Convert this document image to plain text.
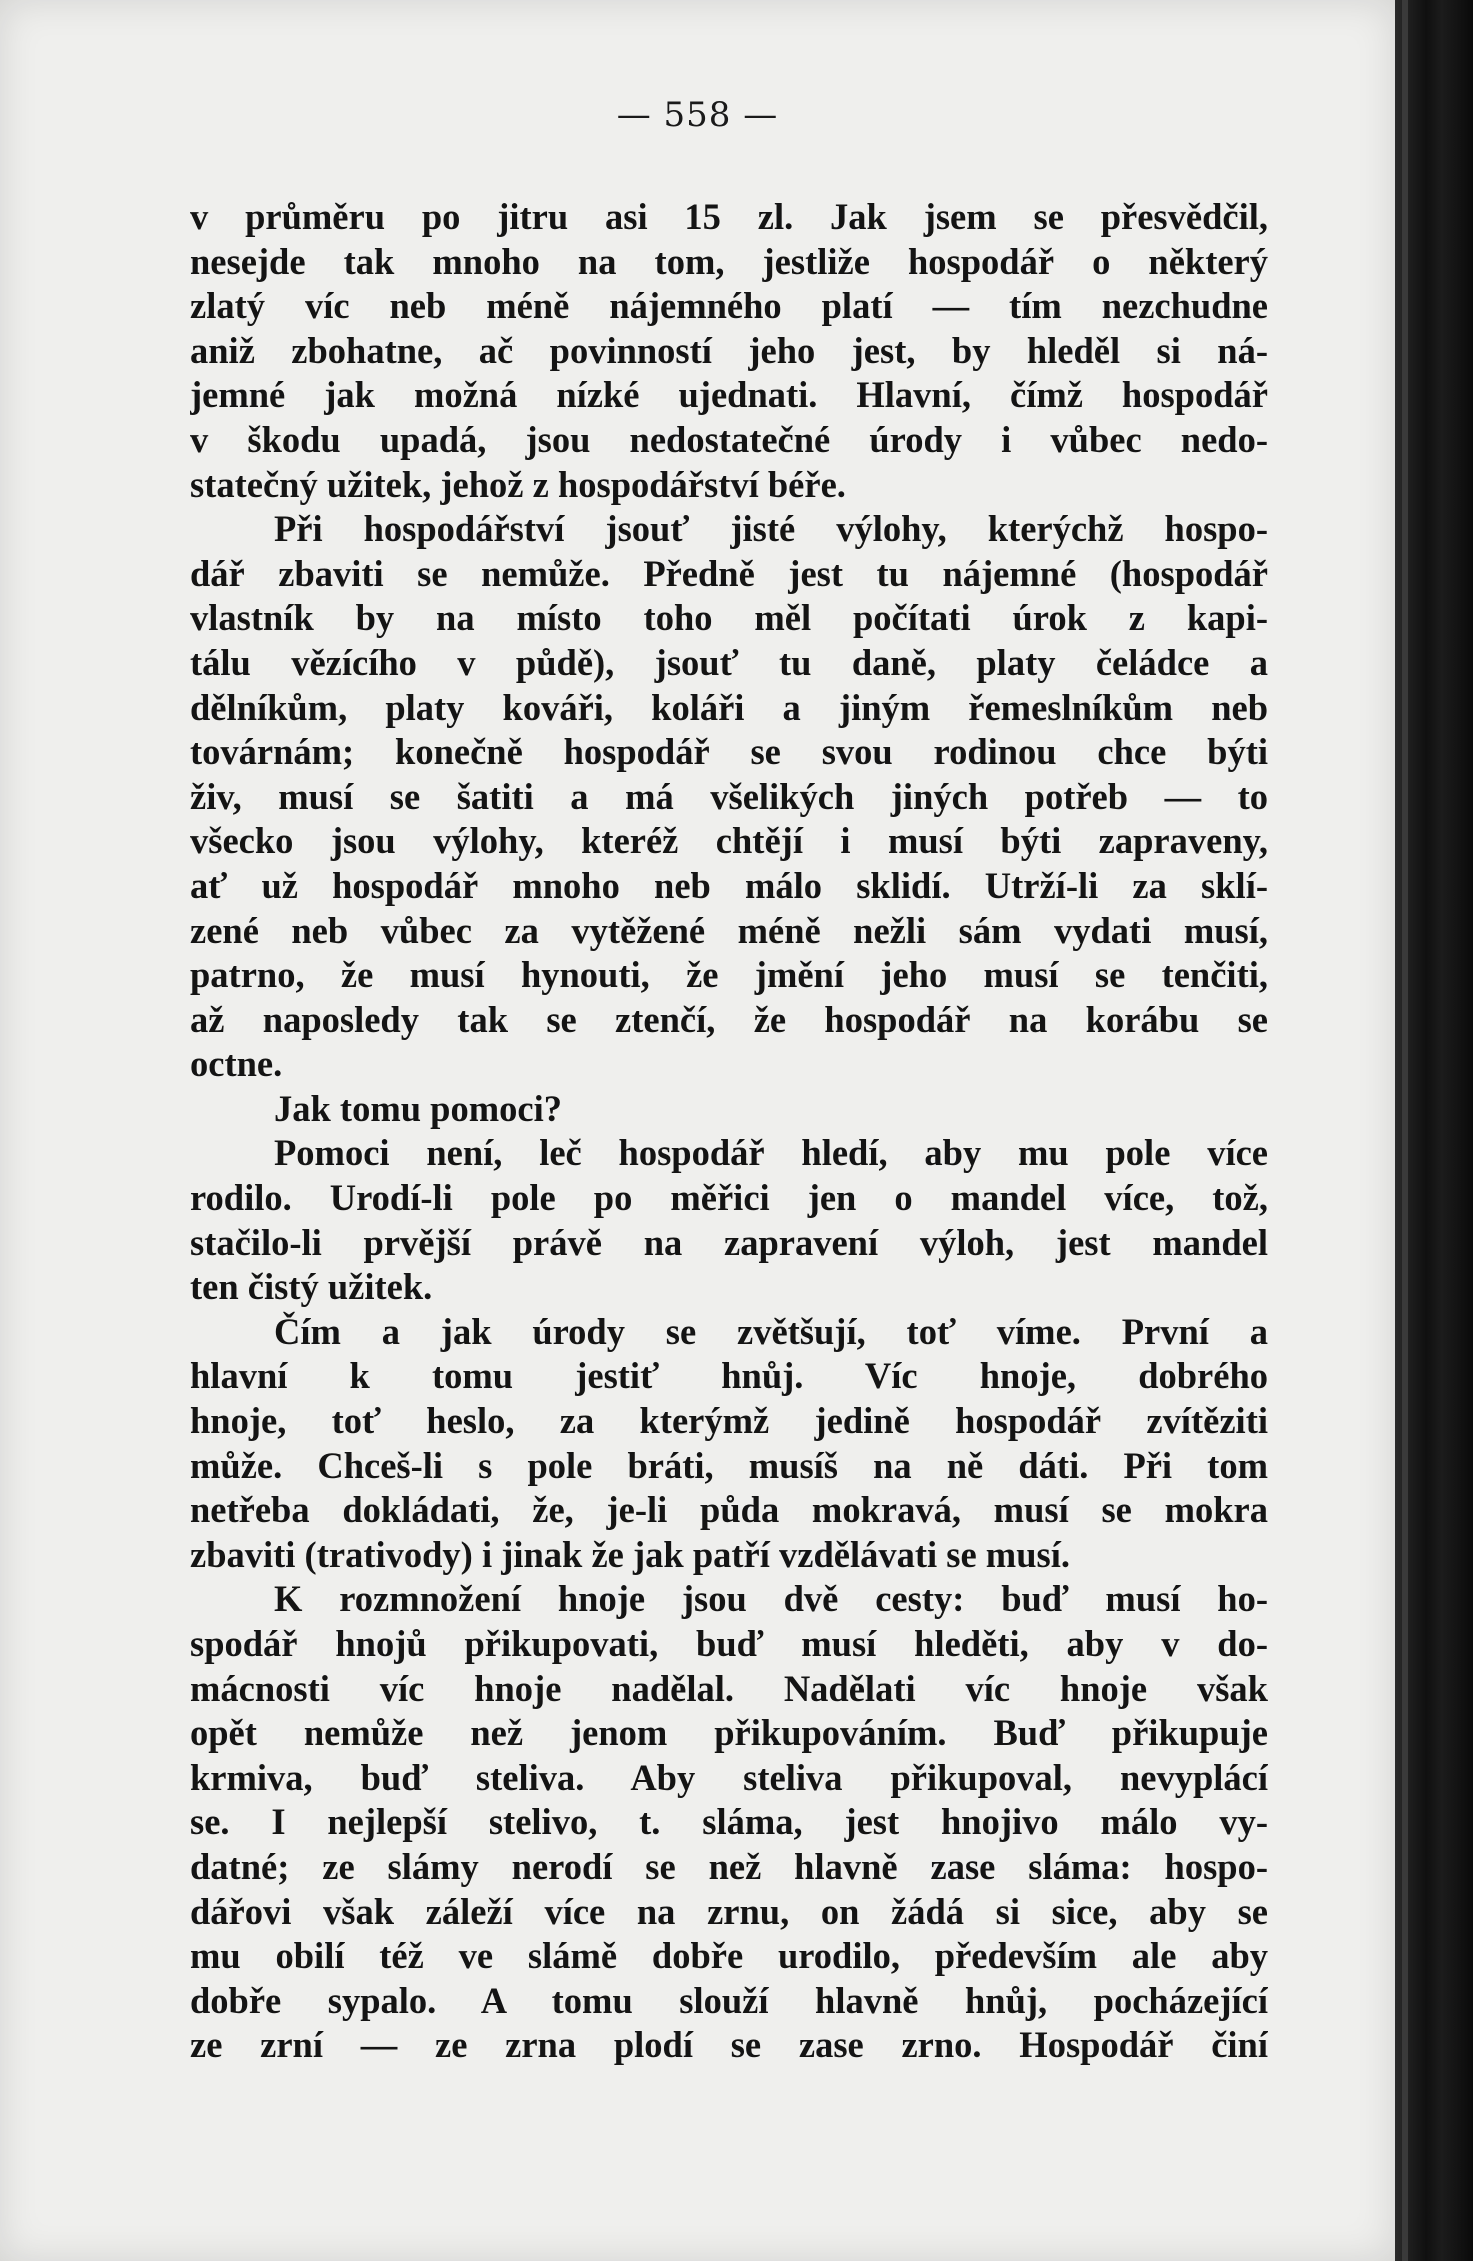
— 558 —
v průměru po jitru asi 15 zl. Jak jsem se přesvědčil,
nesejde tak mnoho na tom, jestliže hospodář o některý
zlatý víc neb méně nájemného platí — tím nezchudne
aniž zbohatne, ač povinností jeho jest, by hleděl si ná-
jemné jak možná nízké ujednati. Hlavní, čímž hospodář
v škodu upadá, jsou nedostatečné úrody i vůbec nedo-
statečný užitek, jehož z hospodářství béře.
Při hospodářství jsouť jisté výlohy, kterýchž hospo-
dář zbaviti se nemůže. Předně jest tu nájemné (hospodář
vlastník by na místo toho měl počítati úrok z kapi-
tálu vězícího v půdě), jsouť tu daně, platy čeládce a
dělníkům, platy kováři, koláři a jiným řemeslníkům neb
továrnám; konečně hospodář se svou rodinou chce býti
živ, musí se šatiti a má všelikých jiných potřeb — to
všecko jsou výlohy, kteréž chtějí i musí býti zapraveny,
ať už hospodář mnoho neb málo sklidí. Utrží-li za sklí-
zené neb vůbec za vytěžené méně nežli sám vydati musí,
patrno, že musí hynouti, že jmění jeho musí se tenčiti,
až naposledy tak se ztenčí, že hospodář na korábu se
octne.
Jak tomu pomoci?
Pomoci není, leč hospodář hledí, aby mu pole více
rodilo. Urodí-li pole po měřici jen o mandel více, tož,
stačilo-li prvější právě na zapravení výloh, jest mandel
ten čistý užitek.
Čím a jak úrody se zvětšují, toť víme. První a
hlavní k tomu jestiť hnůj. Víc hnoje, dobrého
hnoje, toť heslo, za kterýmž jedině hospodář zvítěziti
může. Chceš-li s pole bráti, musíš na ně dáti. Při tom
netřeba dokládati, že, je-li půda mokravá, musí se mokra
zbaviti (trativody) i jinak že jak patří vzdělávati se musí.
K rozmnožení hnoje jsou dvě cesty: buď musí ho-
spodář hnojů přikupovati, buď musí hleděti, aby v do-
mácnosti víc hnoje nadělal. Nadělati víc hnoje však
opět nemůže než jenom přikupováním. Buď přikupuje
krmiva, buď steliva. Aby steliva přikupoval, nevyplácí
se. I nejlepší stelivo, t. sláma, jest hnojivo málo vy-
datné; ze slámy nerodí se než hlavně zase sláma: hospo-
dářovi však záleží více na zrnu, on žádá si sice, aby se
mu obilí též ve slámě dobře urodilo, především ale aby
dobře sypalo. A tomu slouží hlavně hnůj, pocházející
ze zrní — ze zrna plodí se zase zrno. Hospodář činí
